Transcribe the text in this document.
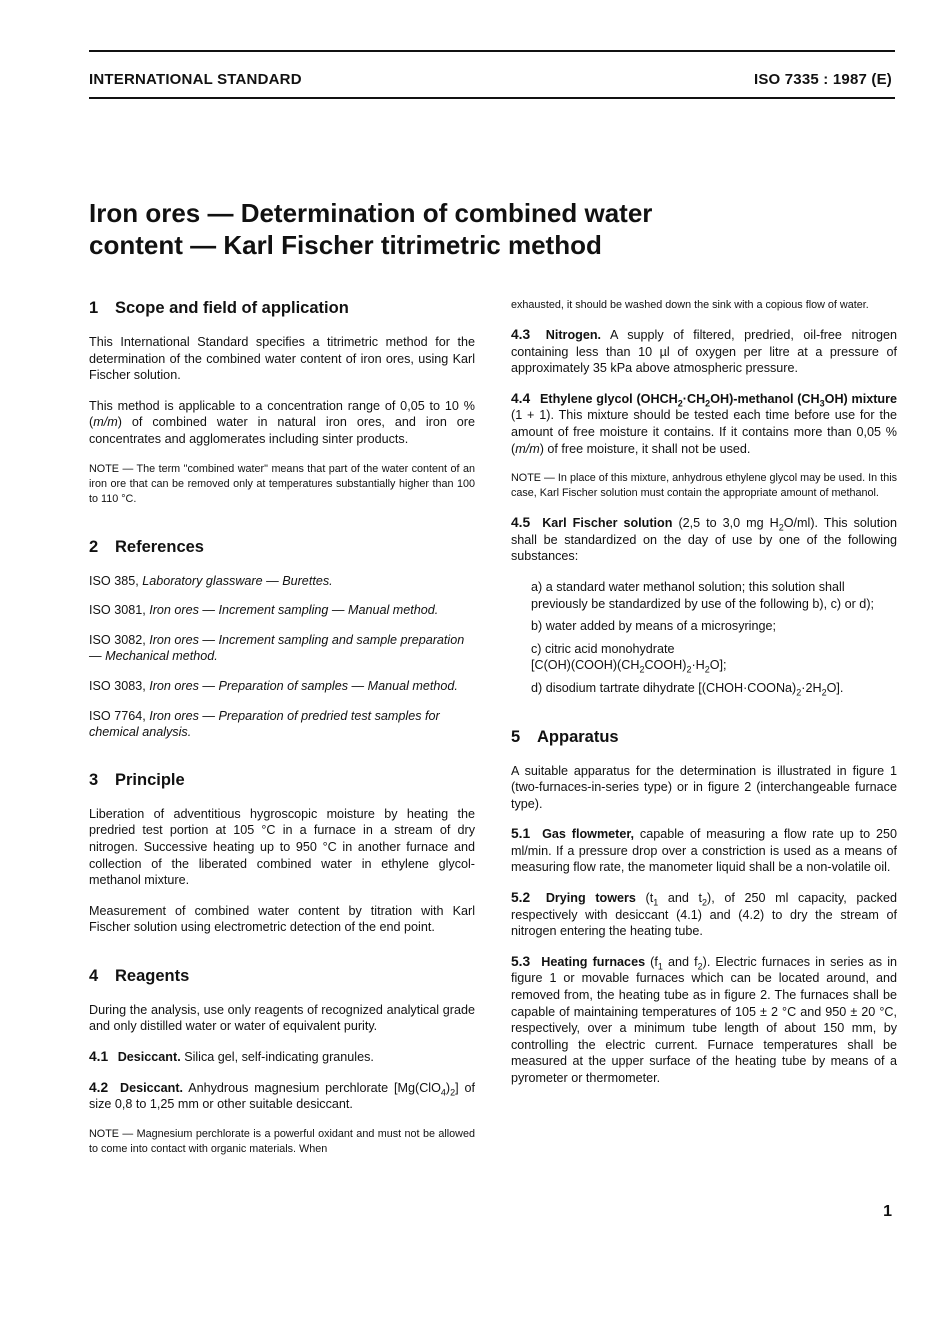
INTERNATIONAL STANDARD	ISO 7335 : 1987 (E)
Iron ores — Determination of combined water
content — Karl Fischer titrimetric method
1 Scope and field of application

This International Standard specifies a titrimetric method for the determination of the combined water content of iron ores, using Karl Fischer solution.

This method is applicable to a concentration range of 0,05 to 10 % (m/m) of combined water in natural iron ores, and iron ore concentrates and agglomerates including sinter products.

NOTE — The term "combined water" means that part of the water content of an iron ore that can be removed only at temperatures substantially higher than 100 to 110 °C.

2 References

ISO 385, Laboratory glassware — Burettes.

ISO 3081, Iron ores — Increment sampling — Manual method.

ISO 3082, Iron ores — Increment sampling and sample preparation — Mechanical method.

ISO 3083, Iron ores — Preparation of samples — Manual method.

ISO 7764, Iron ores — Preparation of predried test samples for chemical analysis.

3 Principle

Liberation of adventitious hygroscopic moisture by heating the predried test portion at 105 °C in a furnace in a stream of dry nitrogen. Successive heating up to 950 °C in another furnace and collection of the liberated combined water in ethylene glycol-methanol mixture.

Measurement of combined water content by titration with Karl Fischer solution using electrometric detection of the end point.

4 Reagents

During the analysis, use only reagents of recognized analytical grade and only distilled water or water of equivalent purity.

4.1 Desiccant. Silica gel, self-indicating granules.

4.2 Desiccant. Anhydrous magnesium perchlorate $[Mg(ClO_4)_2]$ of size 0,8 to 1,25 mm or other suitable desiccant.

NOTE — Magnesium perchlorate is a powerful oxidant and must not be allowed to come into contact with organic materials. When

exhausted, it should be washed down the sink with a copious flow of water.

4.3 Nitrogen. A supply of filtered, predried, oil-free nitrogen containing less than 10 µl of oxygen per litre at a pressure of approximately 35 kPa above atmospheric pressure.

4.4 Ethylene glycol $(OHCH_2\cdot CH_2OH)$-methanol $(CH_3OH)$ mixture (1 + 1). This mixture should be tested each time before use for the amount of free moisture it contains. If it contains more than 0,05 % (m/m) of free moisture, it shall not be used.

NOTE — In place of this mixture, anhydrous ethylene glycol may be used. In this case, Karl Fischer solution must contain the appropriate amount of methanol.

4.5 Karl Fischer solution (2,5 to 3,0 mg $H_2O/ml$). This solution shall be standardized on the day of use by one of the following substances:

a) a standard water methanol solution; this solution shall previously be standardized by use of the following b), c) or d);

b) water added by means of a microsyringe;

c) citric acid monohydrate
$[C(OH)(COOH)(CH_2COOH)_2\cdot H_2O]$;

d) disodium tartrate dihydrate $[(CHOH\cdot COONa)_2\cdot 2H_2O]$.

5 Apparatus

A suitable apparatus for the determination is illustrated in figure 1 (two-furnaces-in-series type) or in figure 2 (interchangeable furnace type).

5.1 Gas flowmeter, capable of measuring a flow rate up to 250 ml/min. If a pressure drop over a constriction is used as a means of measuring flow rate, the manometer liquid shall be a non-volatile oil.

5.2 Drying towers ($t_1$ and $t_2$), of 250 ml capacity, packed respectively with desiccant (4.1) and (4.2) to dry the stream of nitrogen entering the heating tube.

5.3 Heating furnaces ($f_1$ and $f_2$). Electric furnaces in series as in figure 1 or movable furnaces which can be located around, and removed from, the heating tube as in figure 2. The furnaces shall be capable of maintaining temperatures of 105 ± 2 °C and 950 ± 20 °C, respectively, over a minimum tube length of about 150 mm, by controlling the electric current. Furnace temperatures shall be measured at the upper surface of the heating tube by means of a pyrometer or thermometer.

1
